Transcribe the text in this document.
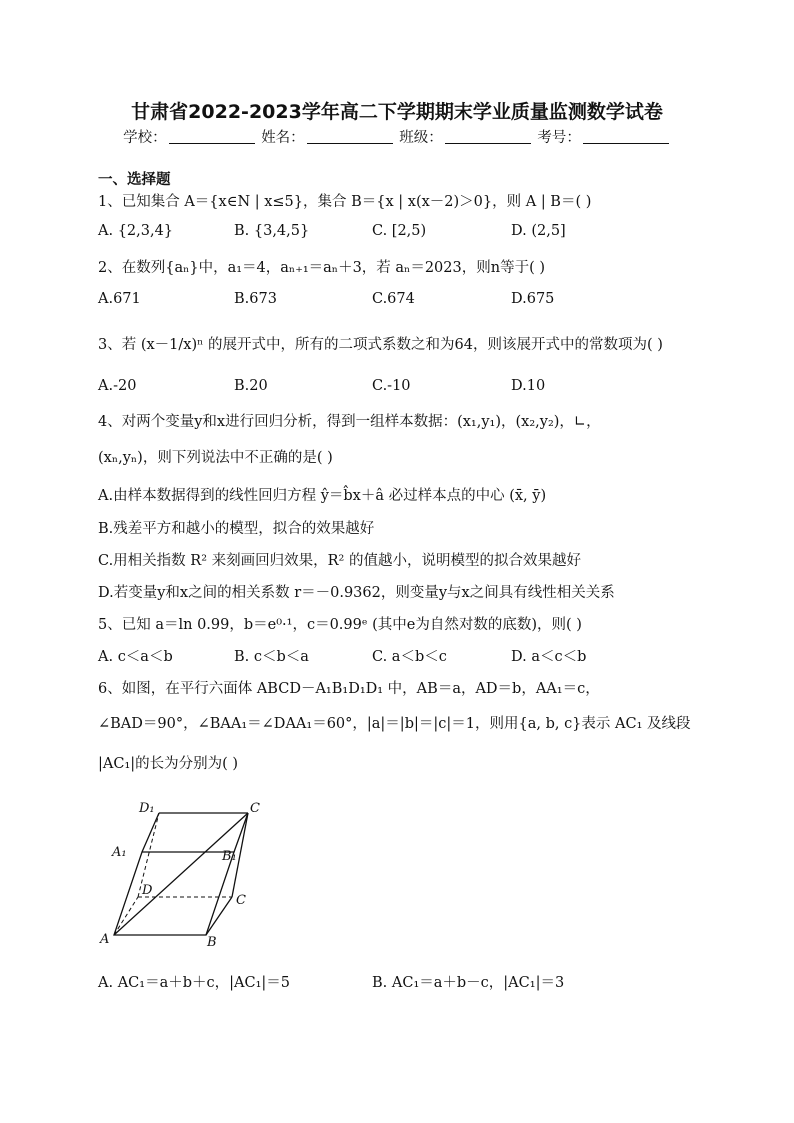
甘肃省2022-2023学年高二下学期期末学业质量监测数学试卷
学校：	姓名：	班级：	考号：
一、选择题
1、已知集合 A＝{x∈N | x≤5}，集合 B＝{x | x(x－2)＞0}，则 A | B＝( )
A. {2,3,4}	B. {3,4,5}	C. [2,5)	D. (2,5]
2、在数列{aₙ}中，a₁＝4，aₙ₊₁＝aₙ＋3，若 aₙ＝2023，则n等于( )
A.671	B.673	C.674	D.675
3、若 (x－1/x)ⁿ 的展开式中，所有的二项式系数之和为64，则该展开式中的常数项为( )
A.-20	B.20	C.-10	D.10
4、对两个变量y和x进行回归分析，得到一组样本数据：(x₁,y₁)，(x₂,y₂)，∟，
(xₙ,yₙ)，则下列说法中不正确的是( )
A.由样本数据得到的线性回归方程 ŷ＝b̂x＋â 必过样本点的中心 (x̄, ȳ)
B.残差平方和越小的模型，拟合的效果越好
C.用相关指数 R² 来刻画回归效果，R² 的值越小，说明模型的拟合效果越好
D.若变量y和x之间的相关系数 r＝－0.9362，则变量y与x之间具有线性相关关系
5、已知 a＝ln 0.99，b＝e⁰·¹，c＝0.99ᵉ (其中e为自然对数的底数)，则( )
A. c＜a＜b	B. c＜b＜a	C. a＜b＜c	D. a＜c＜b
6、如图，在平行六面体 ABCD－A₁B₁D₁D₁ 中，AB＝a，AD＝b，AA₁＝c，
∠BAD＝90°，∠BAA₁＝∠DAA₁＝60°，|a|＝|b|＝|c|＝1，则用{a, b, c}表示 AC₁ 及线段
|AC₁|的长为分别为( )
D₁	C
A₁	B₁
D
C
A	B
A. AC₁＝a＋b＋c，|AC₁|＝5	B. AC₁＝a＋b－c，|AC₁|＝3
